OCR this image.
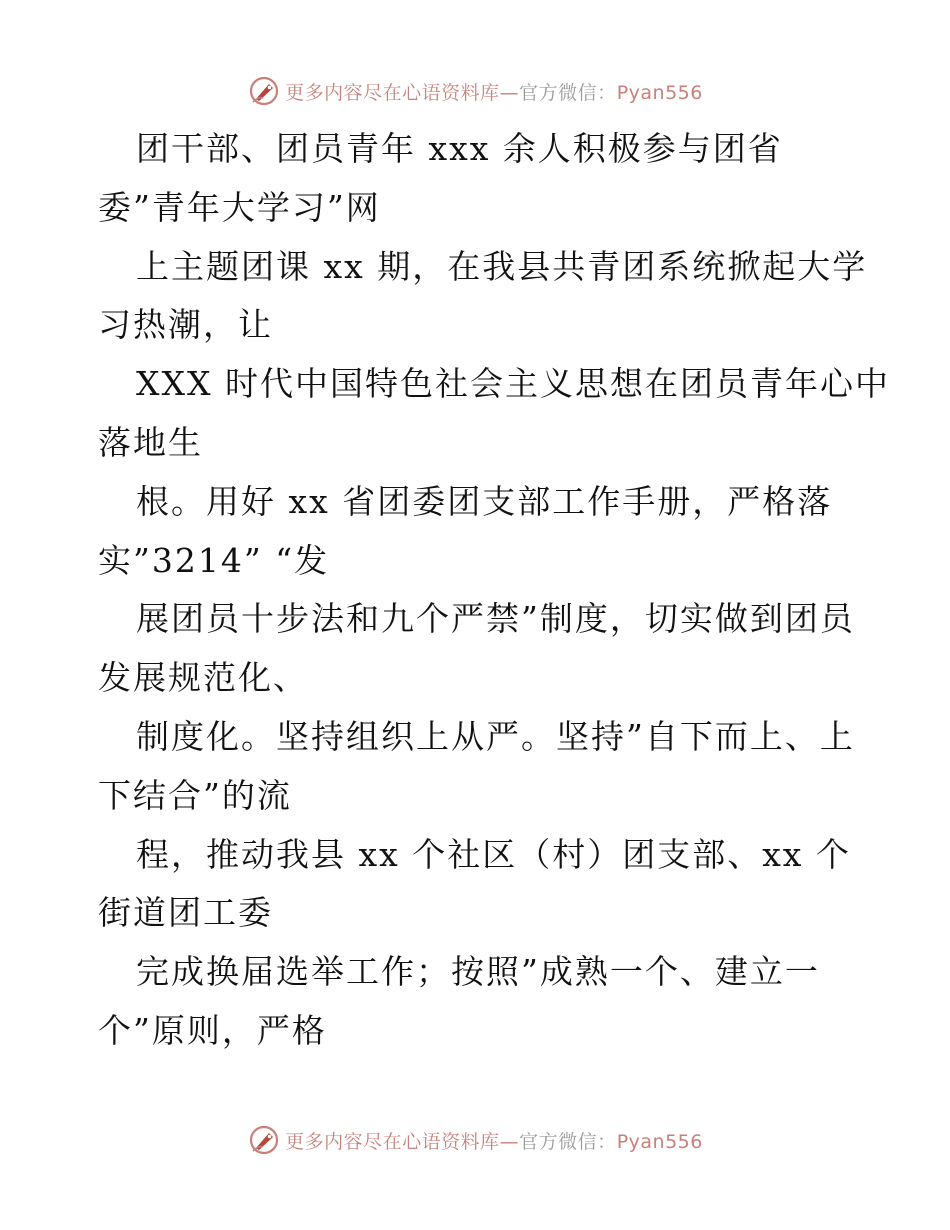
更多内容尽在心语资料库—官方微信：Pyan556
团干部、团员青年 xxx 余人积极参与团省
委”青年大学习”网
上主题团课 xx 期，在我县共青团系统掀起大学
习热潮，让
XXX 时代中国特色社会主义思想在团员青年心中
落地生
根。用好 xx 省团委团支部工作手册，严格落
实”3214” “发
展团员十步法和九个严禁”制度，切实做到团员
发展规范化、
制度化。坚持组织上从严。坚持”自下而上、上
下结合”的流
程，推动我县 xx 个社区（村）团支部、xx 个
街道团工委
完成换届选举工作；按照”成熟一个、建立一
个”原则，严格
更多内容尽在心语资料库—官方微信：Pyan556
